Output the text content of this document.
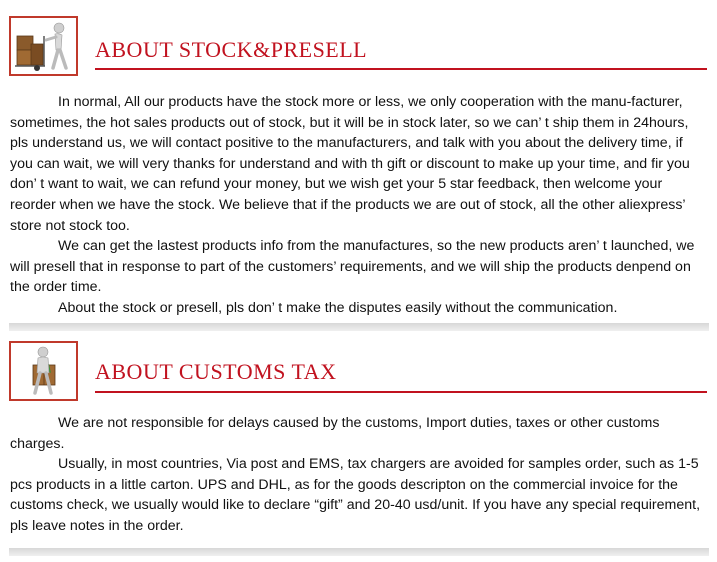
ABOUT STOCK&PRESELL

In normal, All our products have the stock more or less, we only cooperation with the manu-facturer, sometimes, the hot sales products out of stock, but it will be in stock later, so we can’ t ship them in 24hours, pls understand us, we will contact positive to the manufacturers, and talk with you about the delivery time, if you can wait, we will very thanks for understand and with th gift or discount to make up your time, and fir you don’ t want to wait, we can refund your money, but we wish get your 5 star feedback, then welcome your reorder when we have the stock. We believe that if the products we are out of stock, all the other aliexpress’ store not stock too.

We can get the lastest products info from the manufactures, so the new products aren’ t launched, we will presell that in response to part of the customers’ requirements, and we will ship the products denpend on the order time.

About the stock or presell, pls don’ t make the disputes easily without the communication.

ABOUT CUSTOMS TAX

We are not responsible for delays caused by the customs, Import duties, taxes or other customs charges.

Usually, in most countries, Via post and EMS, tax chargers are avoided for samples order, such as 1-5 pcs products in a little carton. UPS and DHL, as for the goods descripton on the commercial invoice for the customs check, we usually would like to declare “gift” and 20-40 usd/unit. If you have any special requirement, pls leave notes in the order.
